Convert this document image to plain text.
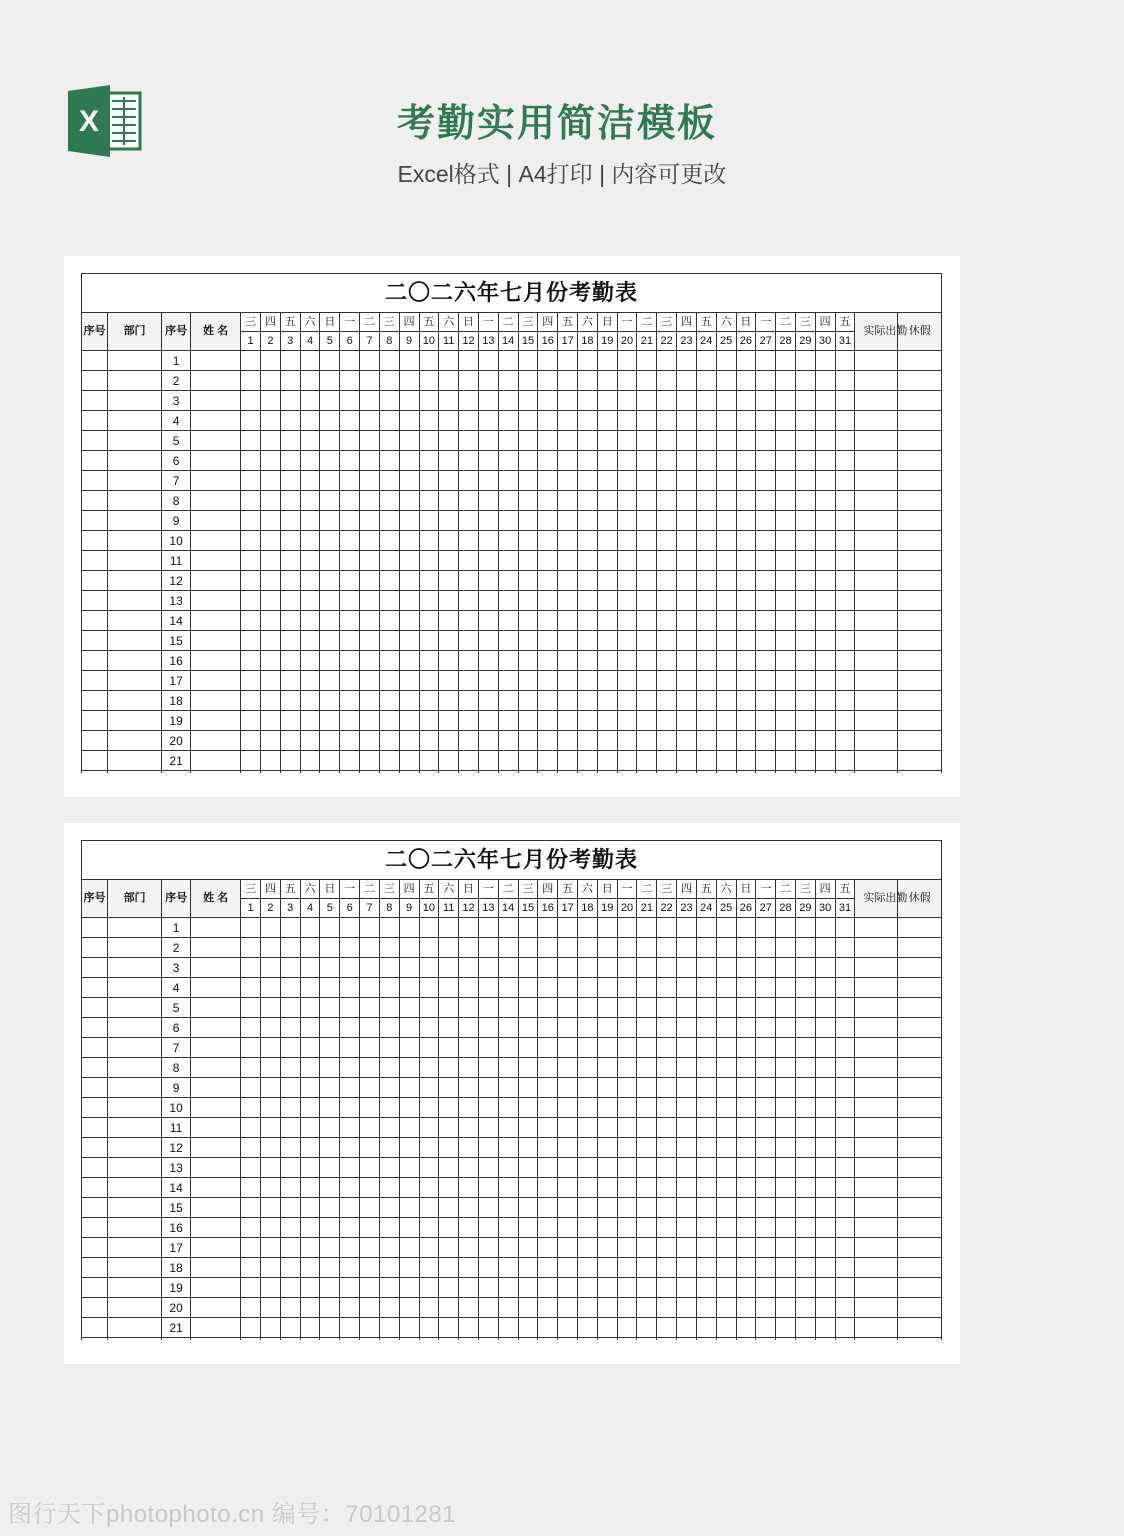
X	考勤实用简洁模板
Excel格式 | A4打印 | 内容可更改
二〇二六年七月份考勤表																																				
序号	部门	序号	姓 名	三	四	五	六	日	一	二	三	四	五	六	日	一	二	三	四	五	六	日	一	二	三	四	五	六	日	一	二	三	四	五	实际出勤	休假
				1	2	3	4	5	6	7	8	9	10	11	12	13	14	15	16	17	18	19	20	21	22	23	24	25	26	27	28	29	30	31		
		1																																		
		2																																		
		3																																		
		4																																		
		5																																		
		6																																		
		7																																		
		8																																		
		9																																		
		10																																		
		11																																		
		12																																		
		13																																		
		14																																		
		15																																		
		16																																		
		17																																		
		18																																		
		19																																		
		20																																		
		21																																		

二〇二六年七月份考勤表																																				
序号	部门	序号	姓 名	三	四	五	六	日	一	二	三	四	五	六	日	一	二	三	四	五	六	日	一	二	三	四	五	六	日	一	二	三	四	五	实际出勤	休假
				1	2	3	4	5	6	7	8	9	10	11	12	13	14	15	16	17	18	19	20	21	22	23	24	25	26	27	28	29	30	31		
		1																																		
		2																																		
		3																																		
		4																																		
		5																																		
		6																																		
		7																																		
		8																																		
		9																																		
		10																																		
		11																																		
		12																																		
		13																																		
		14																																		
		15																																		
		16																																		
		17																																		
		18																																		
		19																																		
		20																																		
		21																																		

图行天下photophoto.cn 编号：70101281
